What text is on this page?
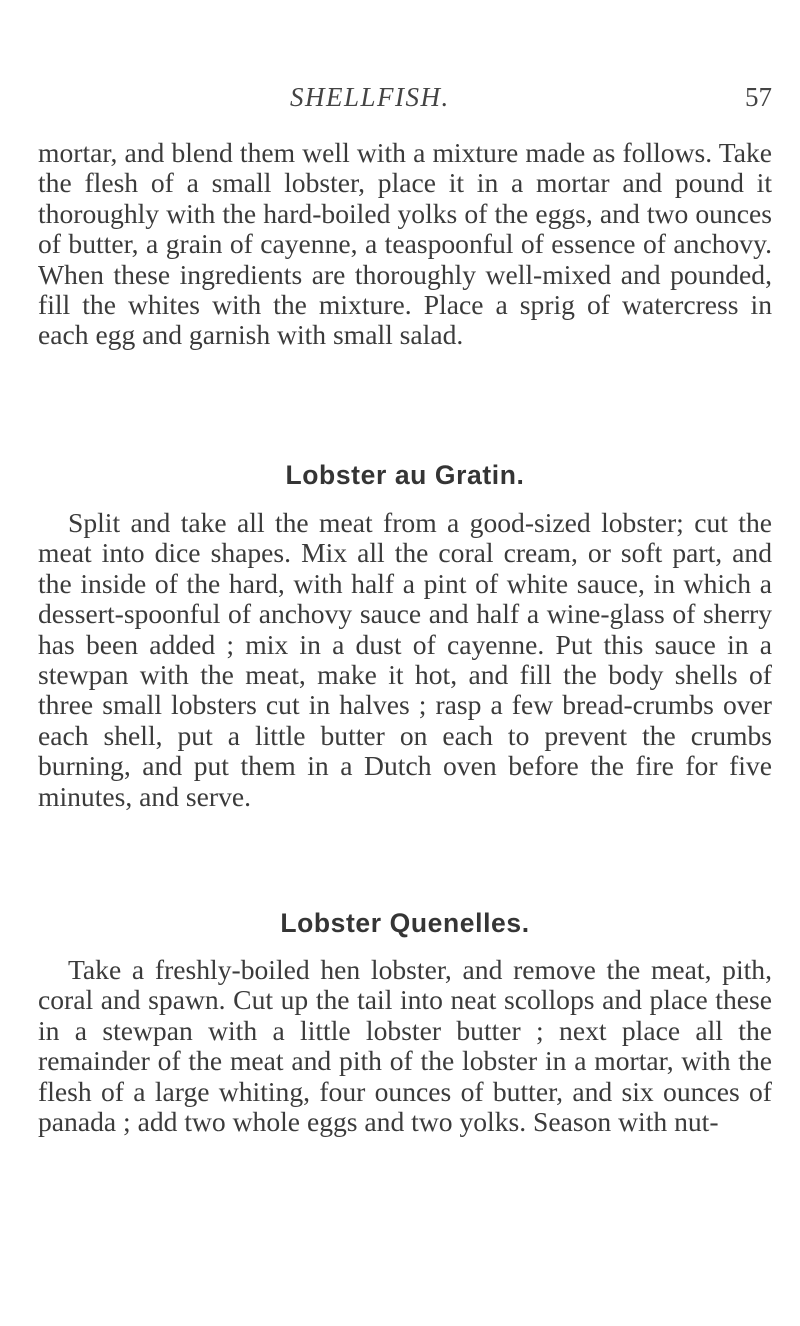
SHELLFISH.	57

mortar, and blend them well with a mixture made as follows. Take the flesh of a small lobster, place it in a mortar and pound it thoroughly with the hard-boiled yolks of the eggs, and two ounces of butter, a grain of cayenne, a teaspoonful of essence of anchovy. When these ingredients are thoroughly well-mixed and pounded, fill the whites with the mixture. Place a sprig of watercress in each egg and garnish with small salad.

Lobster au Gratin.

Split and take all the meat from a good-sized lobster; cut the meat into dice shapes. Mix all the coral cream, or soft part, and the inside of the hard, with half a pint of white sauce, in which a dessert-spoonful of anchovy sauce and half a wine-glass of sherry has been added ; mix in a dust of cayenne. Put this sauce in a stewpan with the meat, make it hot, and fill the body shells of three small lobsters cut in halves ; rasp a few bread-crumbs over each shell, put a little butter on each to prevent the crumbs burning, and put them in a Dutch oven before the fire for five minutes, and serve.

Lobster Quenelles.

Take a freshly-boiled hen lobster, and remove the meat, pith, coral and spawn. Cut up the tail into neat scollops and place these in a stewpan with a little lobster butter ; next place all the remainder of the meat and pith of the lobster in a mortar, with the flesh of a large whiting, four ounces of butter, and six ounces of panada ; add two whole eggs and two yolks. Season with nut-
